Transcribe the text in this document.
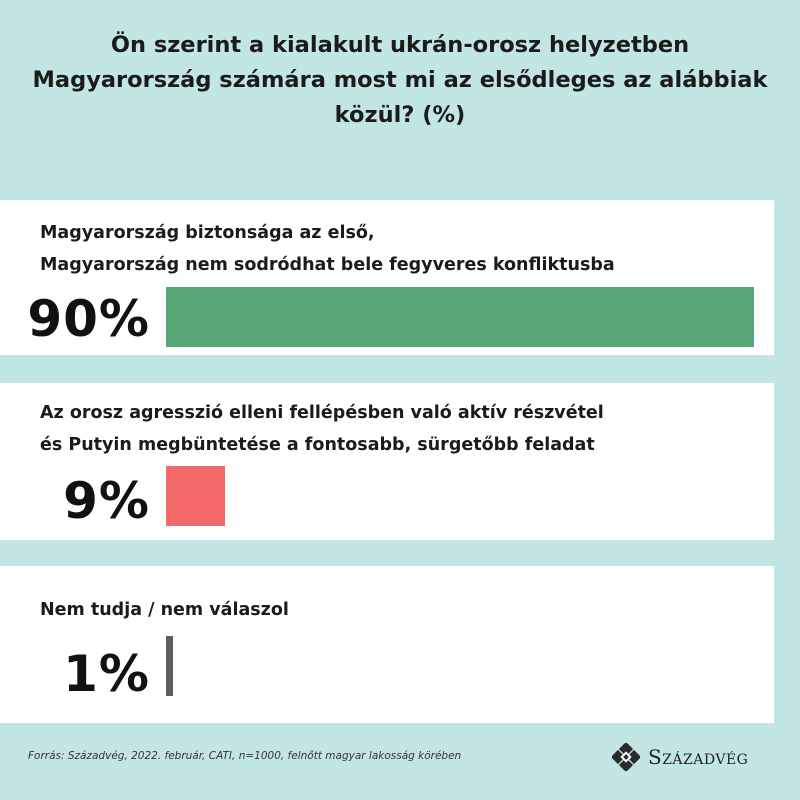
Ön szerint a kialakult ukrán-orosz helyzetben
Magyarország számára most mi az elsődleges az alábbiak
közül? (%)
Magyarország biztonsága az első,
Magyarország nem sodródhat bele fegyveres konfliktusba
90%
Az orosz agresszió elleni fellépésben való aktív részvétel
és Putyin megbüntetése a fontosabb, sürgetőbb feladat
9%
Nem tudja / nem válaszol
1%
Forrás: Századvég, 2022. február, CATI, n=1000, felnőtt magyar lakosság körében	Századvég
